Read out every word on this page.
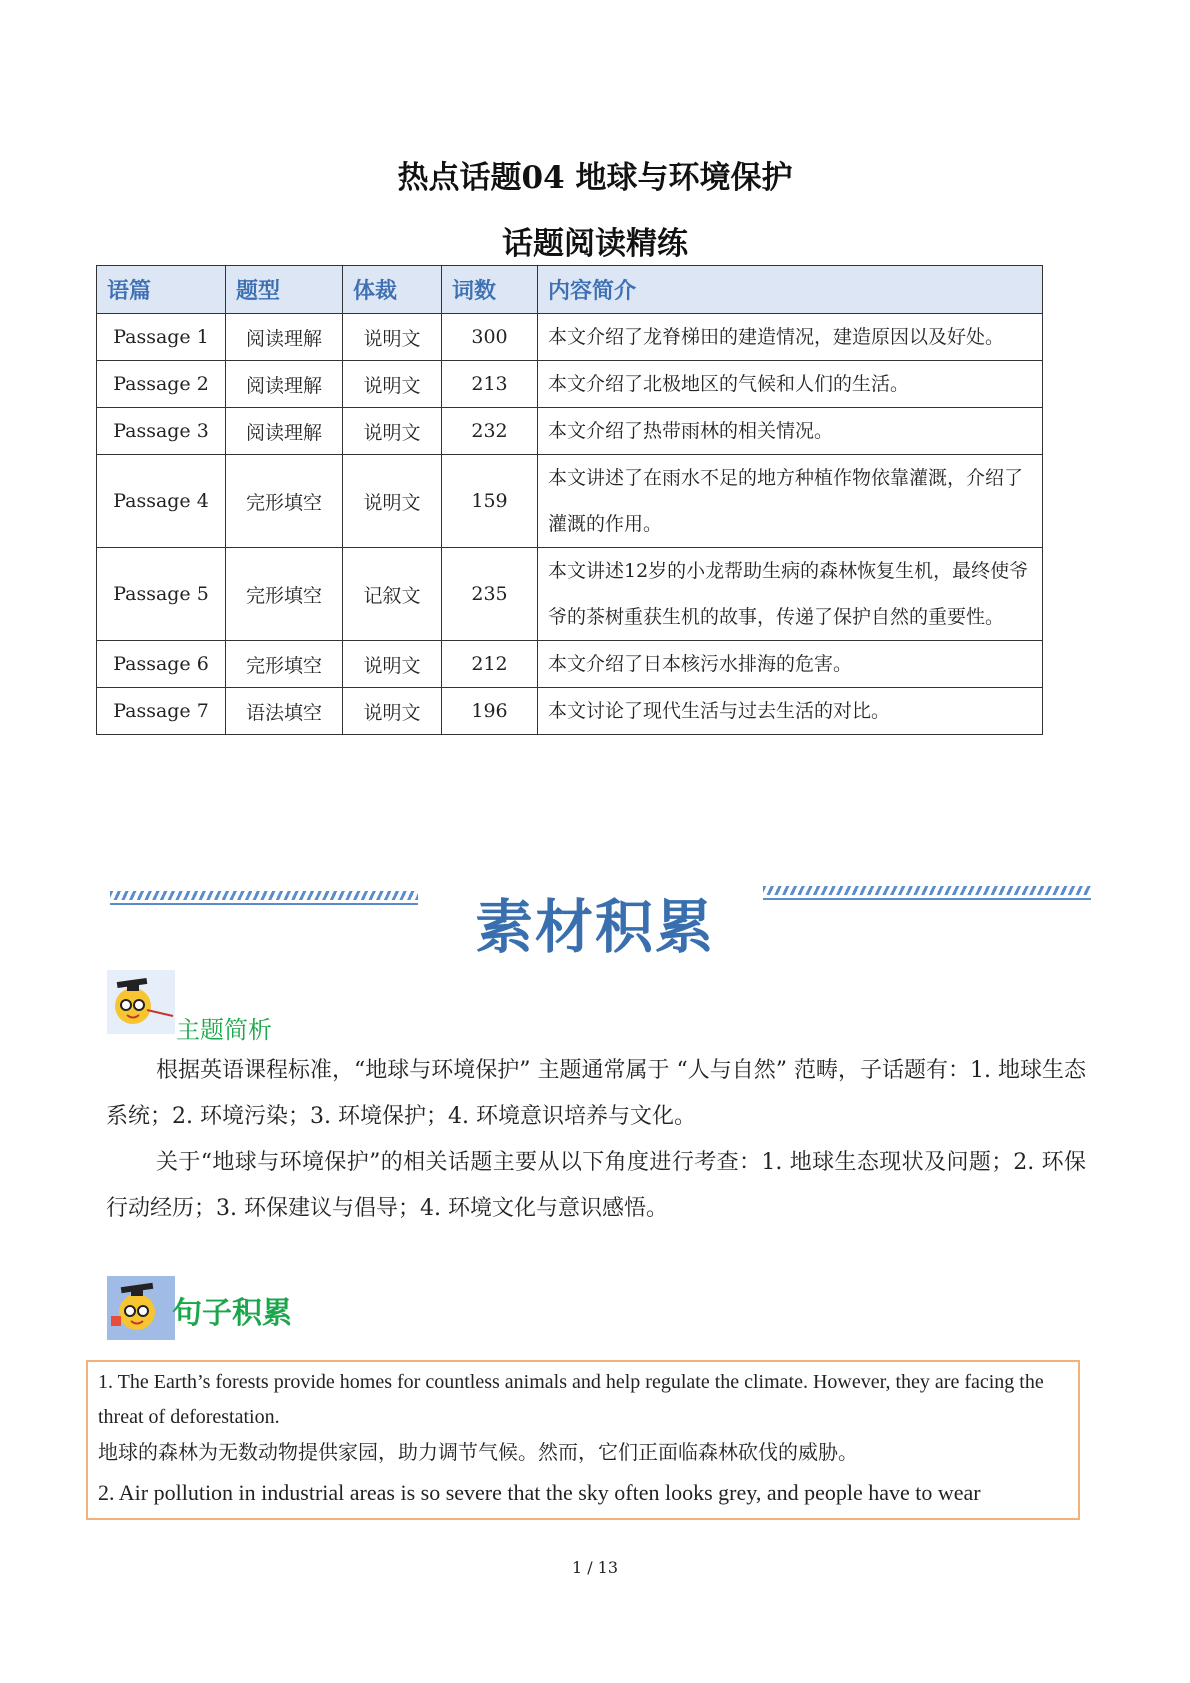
热点话题04 地球与环境保护
话题阅读精练
语篇	题型	体裁	词数	内容简介
Passage 1	阅读理解	说明文	300	本文介绍了龙脊梯田的建造情况，建造原因以及好处。
Passage 2	阅读理解	说明文	213	本文介绍了北极地区的气候和人们的生活。
Passage 3	阅读理解	说明文	232	本文介绍了热带雨林的相关情况。
Passage 4	完形填空	说明文	159	本文讲述了在雨水不足的地方种植作物依靠灌溉，介绍了灌溉的作用。
Passage 5	完形填空	记叙文	235	本文讲述12岁的小龙帮助生病的森林恢复生机，最终使爷爷的茶树重获生机的故事，传递了保护自然的重要性。
Passage 6	完形填空	说明文	212	本文介绍了日本核污水排海的危害。
Passage 7	语法填空	说明文	196	本文讨论了现代生活与过去生活的对比。
素材积累
主题简析

根据英语课程标准，“地球与环境保护” 主题通常属于 “人与自然” 范畴，子话题有：1. 地球生态系统；2. 环境污染；3. 环境保护；4. 环境意识培养与文化。

关于“地球与环境保护”的相关话题主要从以下角度进行考查：1. 地球生态现状及问题；2. 环保行动经历；3. 环保建议与倡导；4. 环境文化与意识感悟。

句子积累

1. The Earth’s forests provide homes for countless animals and help regulate the climate. However, they are facing the threat of deforestation.

地球的森林为无数动物提供家园，助力调节气候。然而，它们正面临森林砍伐的威胁。

2. Air pollution in industrial areas is so severe that the sky often looks grey, and people have to wear

1 / 13
